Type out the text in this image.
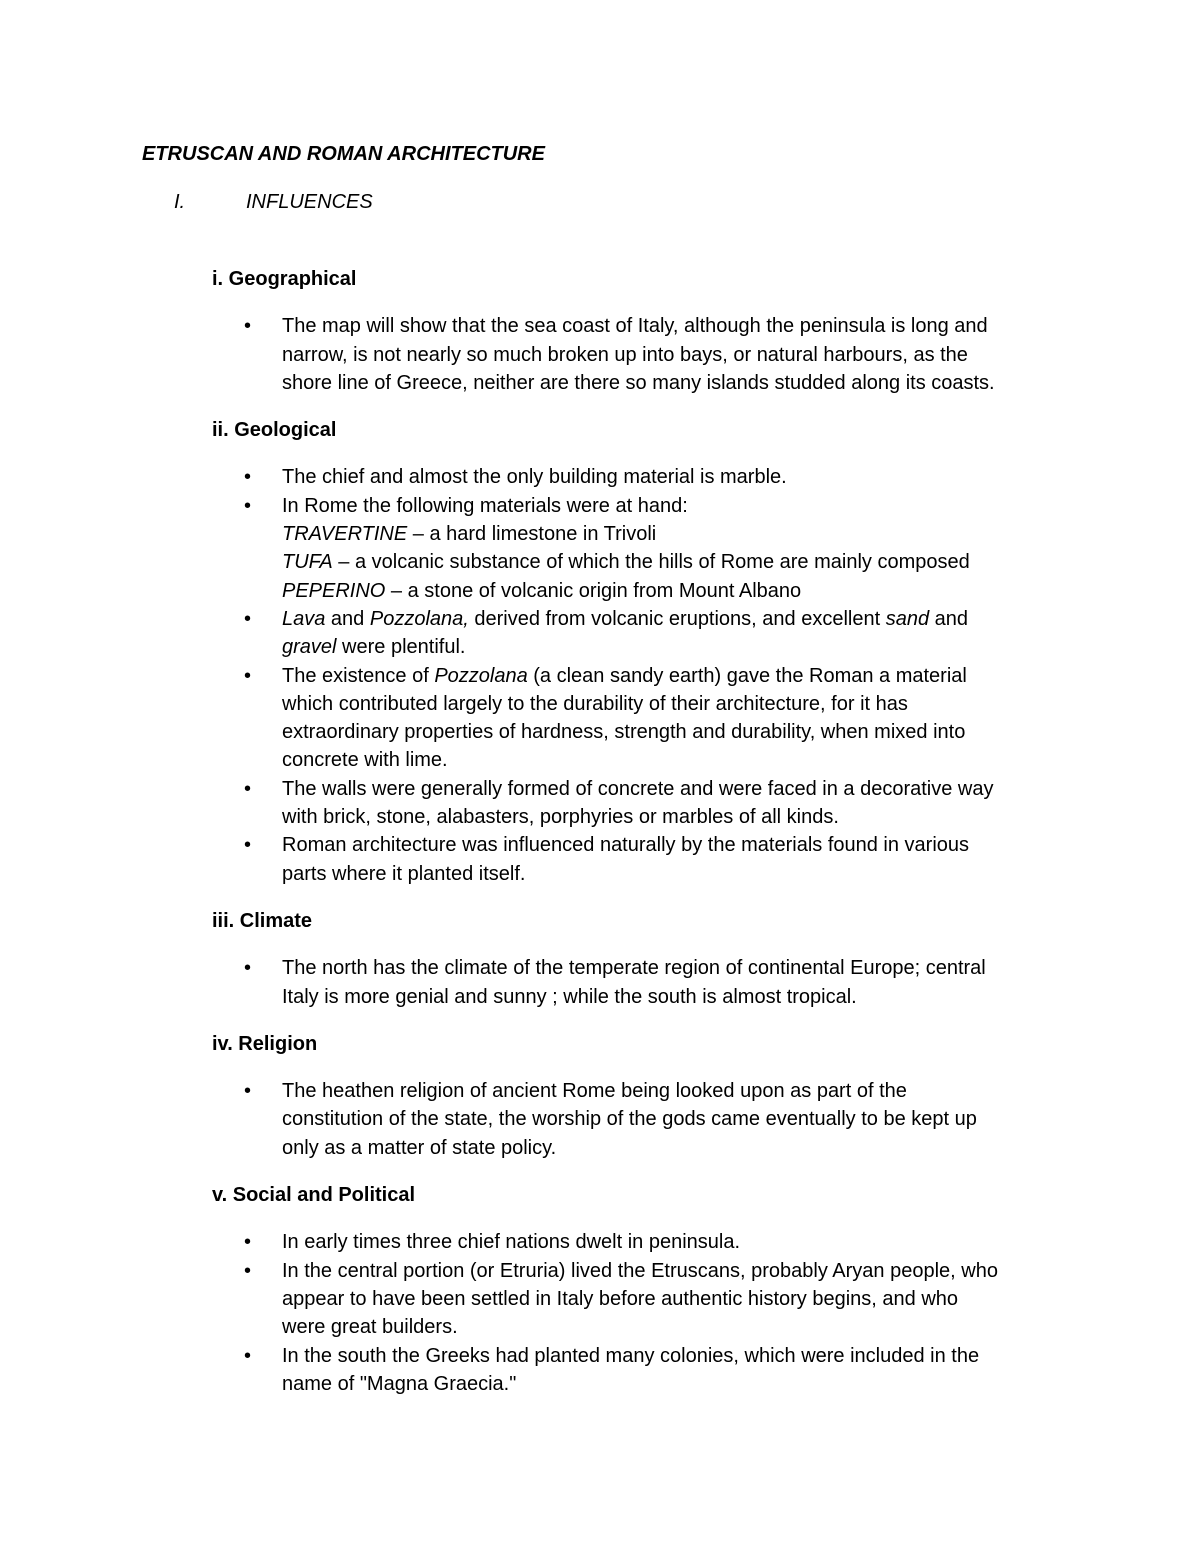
ETRUSCAN AND ROMAN ARCHITECTURE
I.	INFLUENCES
i. Geographical
• The map will show that the sea coast of Italy, although the peninsula is long and
narrow, is not nearly so much broken up into bays, or natural harbours, as the
shore line of Greece, neither are there so many islands studded along its coasts.
ii. Geological
• The chief and almost the only building material is marble.
• In Rome the following materials were at hand:
TRAVERTINE – a hard limestone in Trivoli
TUFA – a volcanic substance of which the hills of Rome are mainly composed
PEPERINO – a stone of volcanic origin from Mount Albano
• Lava and Pozzolana, derived from volcanic eruptions, and excellent sand and
gravel were plentiful.
• The existence of Pozzolana (a clean sandy earth) gave the Roman a material
which contributed largely to the durability of their architecture, for it has
extraordinary properties of hardness, strength and durability, when mixed into
concrete with lime.
• The walls were generally formed of concrete and were faced in a decorative way
with brick, stone, alabasters, porphyries or marbles of all kinds.
• Roman architecture was influenced naturally by the materials found in various
parts where it planted itself.
iii. Climate
• The north has the climate of the temperate region of continental Europe; central
Italy is more genial and sunny ; while the south is almost tropical.
iv. Religion
• The heathen religion of ancient Rome being looked upon as part of the
constitution of the state, the worship of the gods came eventually to be kept up
only as a matter of state policy.
v. Social and Political
• In early times three chief nations dwelt in peninsula.
• In the central portion (or Etruria) lived the Etruscans, probably Aryan people, who
appear to have been settled in Italy before authentic history begins, and who
were great builders.
• In the south the Greeks had planted many colonies, which were included in the
name of "Magna Graecia."
